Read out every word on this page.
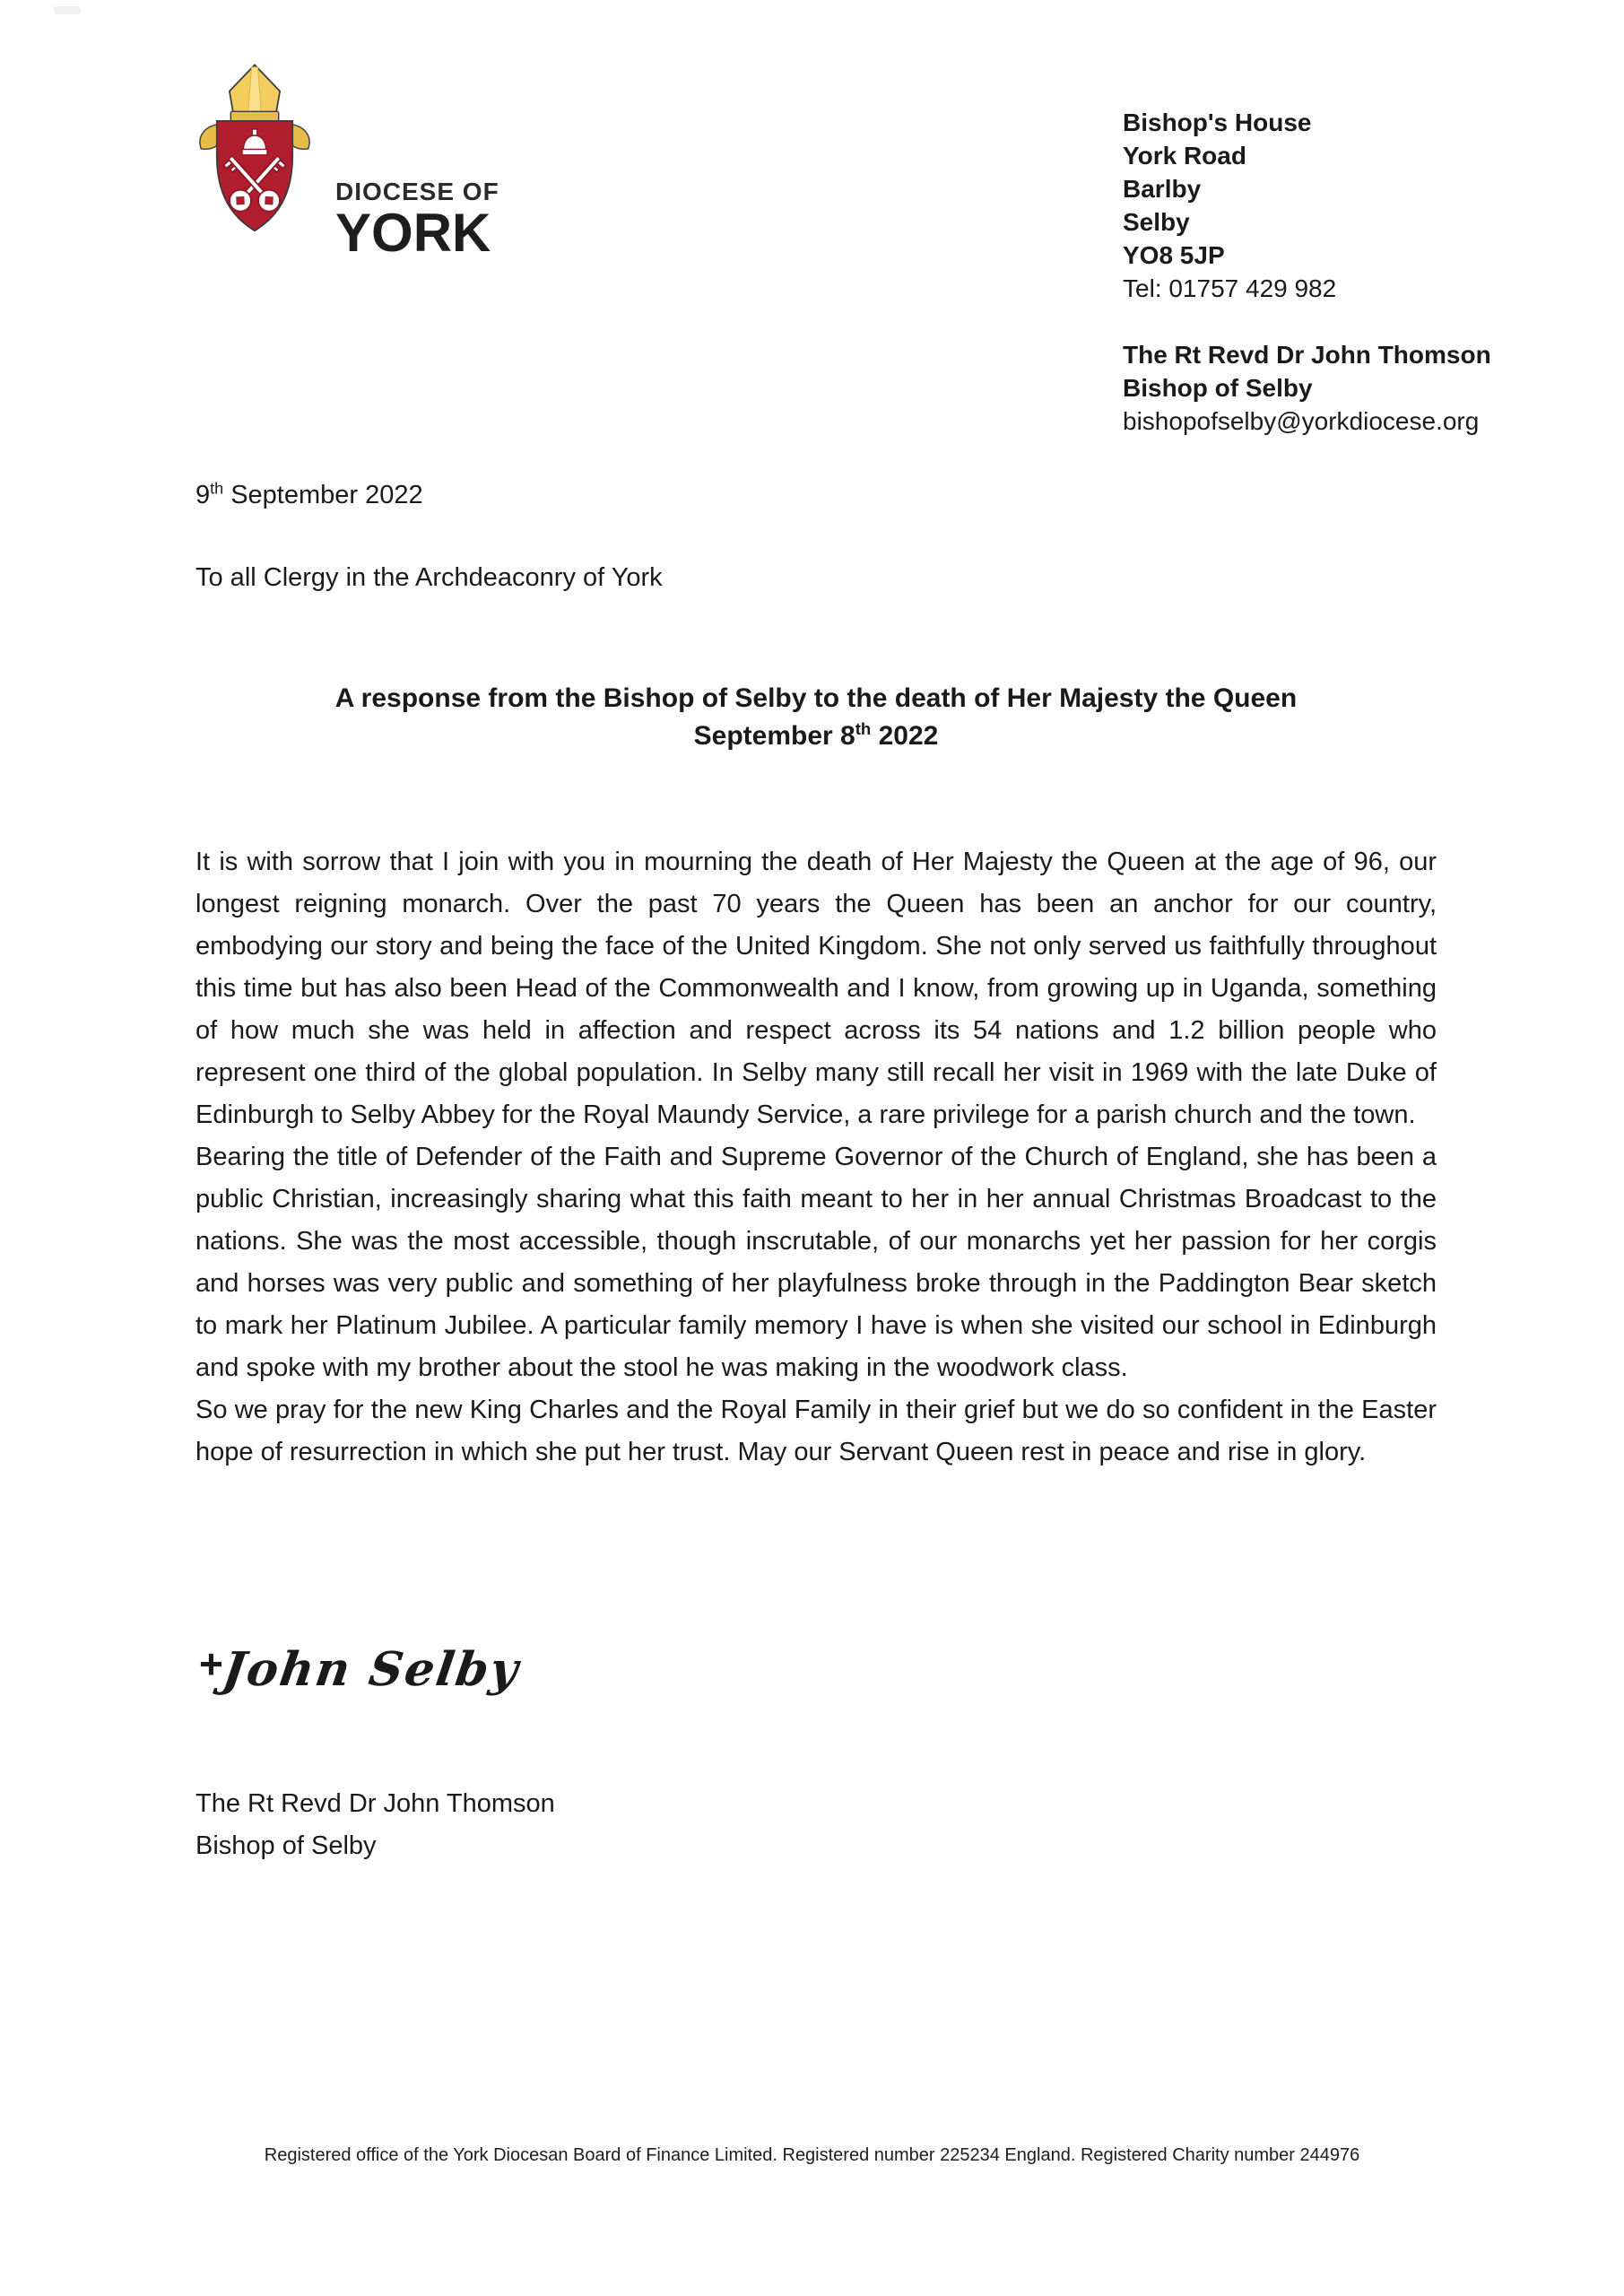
DIOCESE OF
YORK
Bishop's House
York Road
Barlby
Selby
YO8 5JP
Tel: 01757 429 982
The Rt Revd Dr John Thomson
Bishop of Selby
bishopofselby@yorkdiocese.org
9th September 2022
To all Clergy in the Archdeaconry of York
A response from the Bishop of Selby to the death of Her Majesty the Queen
September 8th 2022

It is with sorrow that I join with you in mourning the death of Her Majesty the Queen at the age of 96, our longest reigning monarch. Over the past 70 years the Queen has been an anchor for our country, embodying our story and being the face of the United Kingdom. She not only served us faithfully throughout this time but has also been Head of the Commonwealth and I know, from growing up in Uganda, something of how much she was held in affection and respect across its 54 nations and 1.2 billion people who represent one third of the global population. In Selby many still recall her visit in 1969 with the late Duke of Edinburgh to Selby Abbey for the Royal Maundy Service, a rare privilege for a parish church and the town.

Bearing the title of Defender of the Faith and Supreme Governor of the Church of England, she has been a public Christian, increasingly sharing what this faith meant to her in her annual Christmas Broadcast to the nations. She was the most accessible, though inscrutable, of our monarchs yet her passion for her corgis and horses was very public and something of her playfulness broke through in the Paddington Bear sketch to mark her Platinum Jubilee. A particular family memory I have is when she visited our school in Edinburgh and spoke with my brother about the stool he was making in the woodwork class.

So we pray for the new King Charles and the Royal Family in their grief but we do so confident in the Easter hope of resurrection in which she put her trust. May our Servant Queen rest in peace and rise in glory.

+John Selby
The Rt Revd Dr John Thomson
Bishop of Selby
Registered office of the York Diocesan Board of Finance Limited. Registered number 225234 England. Registered Charity number 244976
